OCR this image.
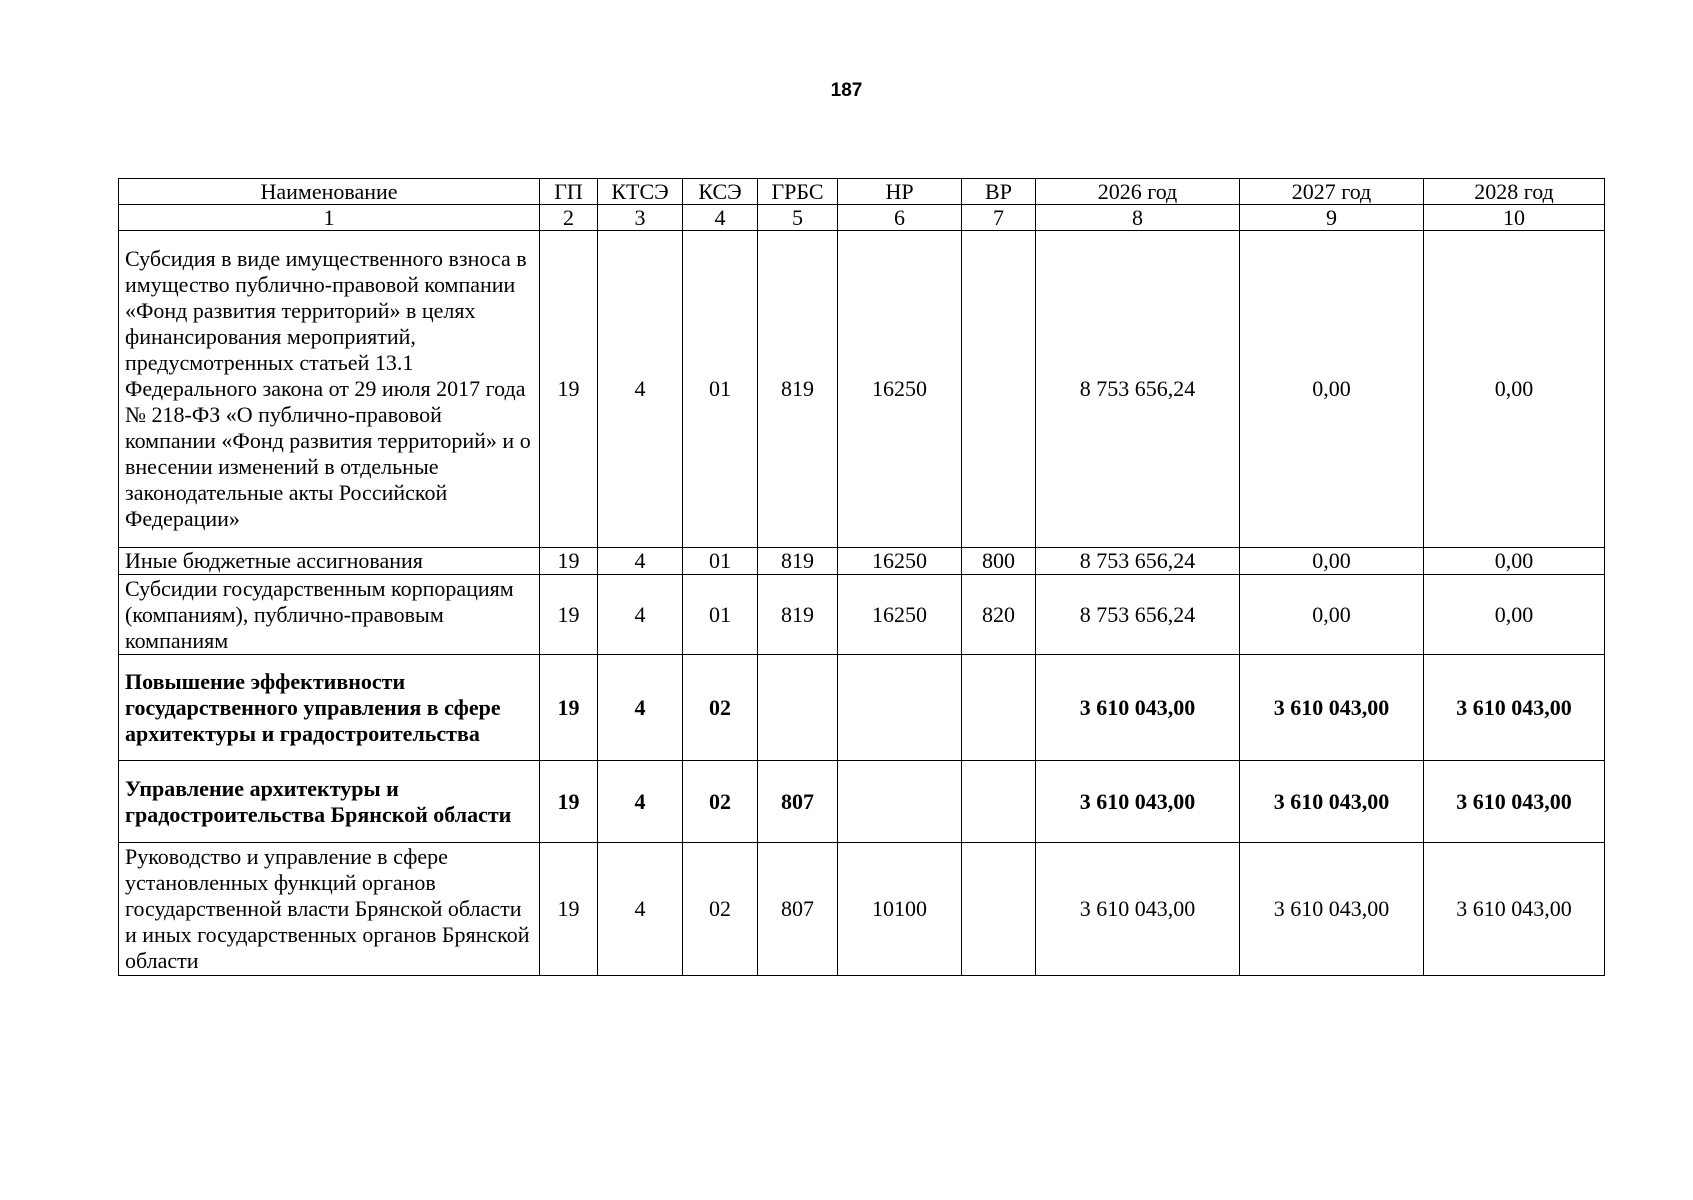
187
Наименование	ГП	КТСЭ	КСЭ	ГРБС	НР	ВР	2026 год	2027 год	2028 год
1	2	3	4	5	6	7	8	9	10
Субсидия в виде имущественного взноса в имущество публично-правовой компании «Фонд развития территорий» в целях финансирования мероприятий, предусмотренных статьей 13.1 Федерального закона от 29 июля 2017 года № 218-ФЗ «О публично-правовой компании «Фонд развития территорий» и о внесении изменений в отдельные законодательные акты Российской Федерации»	19	4	01	819	16250		8 753 656,24	0,00	0,00
Иные бюджетные ассигнования	19	4	01	819	16250	800	8 753 656,24	0,00	0,00
Субсидии государственным корпорациям (компаниям), публично-правовым компаниям	19	4	01	819	16250	820	8 753 656,24	0,00	0,00
Повышение эффективности государственного управления в сфере архитектуры и градостроительства	19	4	02				3 610 043,00	3 610 043,00	3 610 043,00
Управление архитектуры и градостроительства Брянской области	19	4	02	807			3 610 043,00	3 610 043,00	3 610 043,00
Руководство и управление в сфере установленных функций органов государственной власти Брянской области и иных государственных органов Брянской области	19	4	02	807	10100		3 610 043,00	3 610 043,00	3 610 043,00
